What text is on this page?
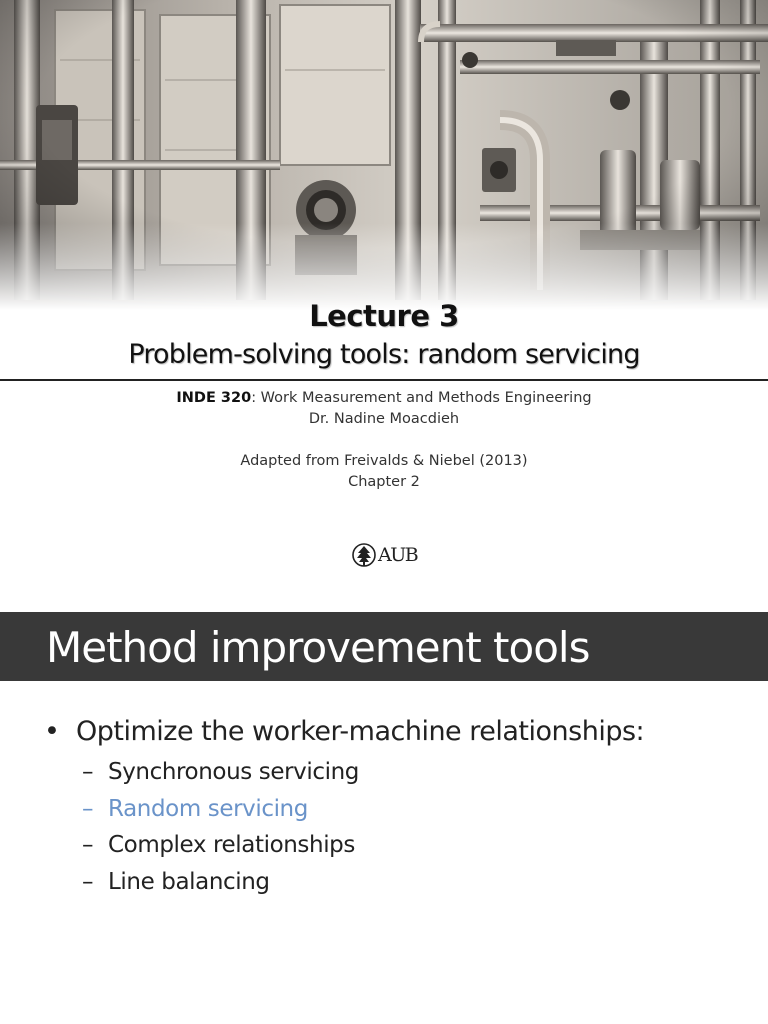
Lecture 3
Problem-solving tools: random servicing
INDE 320: Work Measurement and Methods Engineering
Dr. Nadine Moacdieh
Adapted from Freivalds & Niebel (2013)
Chapter 2
AUB
Method improvement tools
• Optimize the worker-machine relationships:
– Synchronous servicing
– Random servicing
– Complex relationships
– Line balancing
